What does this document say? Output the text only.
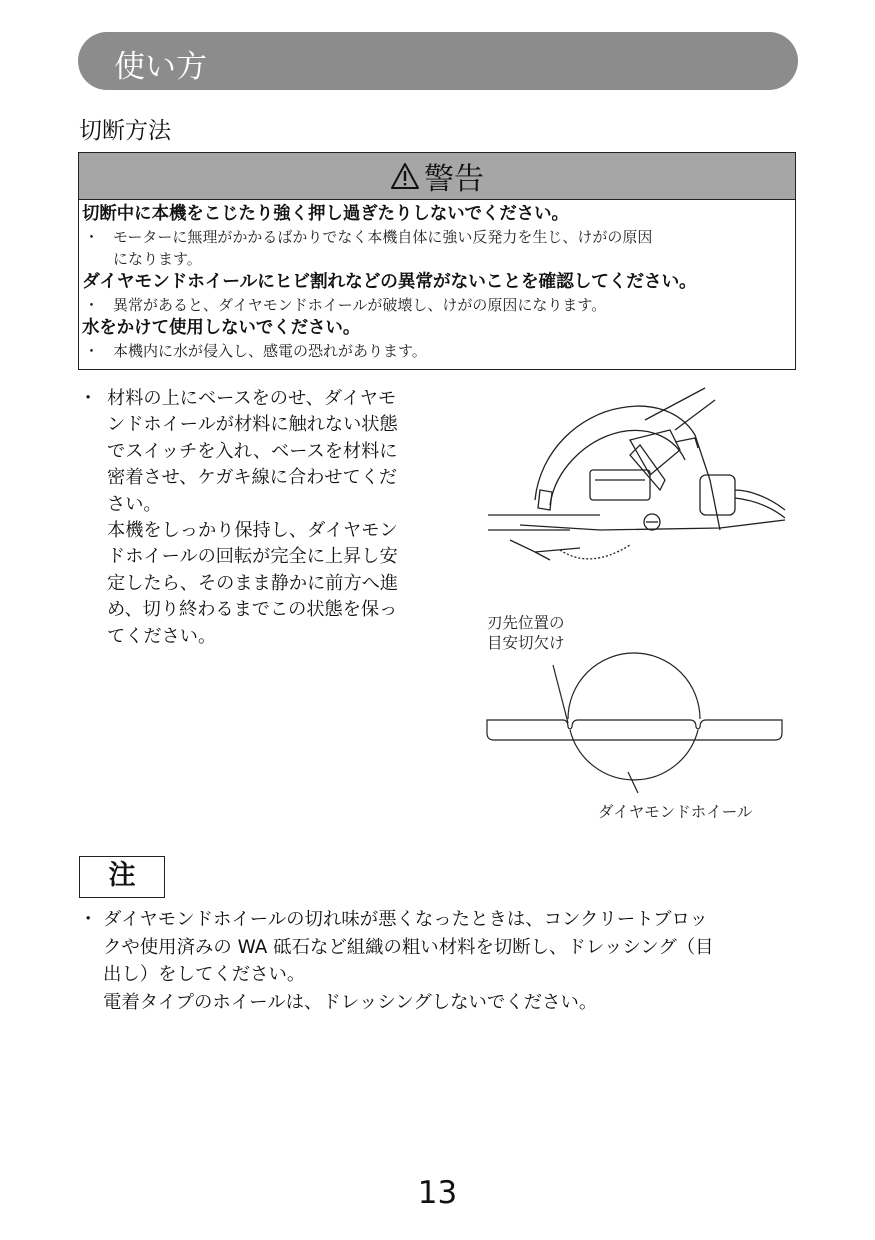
使い方
切断方法
警告
切断中に本機をこじたり強く押し過ぎたりしないでください。
・ モーターに無理がかかるばかりでなく本機自体に強い反発力を生じ、けがの原因
になります。
ダイヤモンドホイールにヒビ割れなどの異常がないことを確認してください。
・ 異常があると、ダイヤモンドホイールが破壊し、けがの原因になります。
水をかけて使用しないでください。
・ 本機内に水が侵入し、感電の恐れがあります。
・ 材料の上にベースをのせ、ダイヤモ
ンドホイールが材料に触れない状態
でスイッチを入れ、ベースを材料に
密着させ、ケガキ線に合わせてくだ
さい。

本機をしっかり保持し、ダイヤモン
ドホイールの回転が完全に上昇し安
定したら、そのまま静かに前方へ進
め、切り終わるまでこの状態を保っ
てください。

刃先位置の
目安切欠け
ダイヤモンドホイール
注
・ ダイヤモンドホイールの切れ味が悪くなったときは、コンクリートブロッ
クや使用済みの WA 砥石など組織の粗い材料を切断し、ドレッシング（目
出し）をしてください。
電着タイプのホイールは、ドレッシングしないでください。

13
